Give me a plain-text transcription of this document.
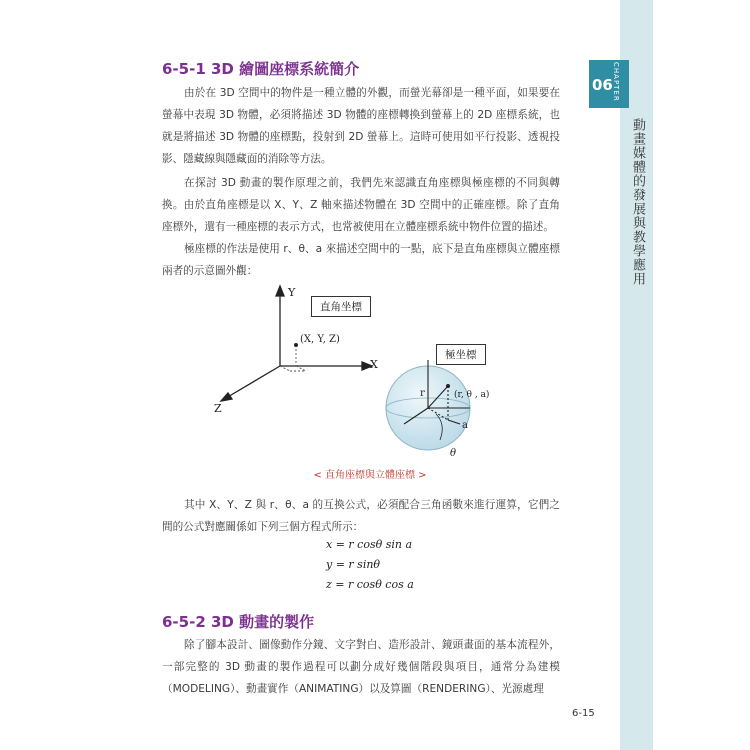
CHAPTER
06
動畫媒體的發展與教學應用
6-5-1 3D 繪圖座標系統簡介

由於在 3D 空間中的物件是一種立體的外觀，而螢光幕卻是一種平面，如果要在螢幕中表現 3D 物體，必須將描述 3D 物體的座標轉換到螢幕上的 2D 座標系統，也就是將描述 3D 物體的座標點，投射到 2D 螢幕上。這時可使用如平行投影、透視投影、隱藏線與隱藏面的消除等方法。

在探討 3D 動畫的製作原理之前，我們先來認識直角座標與極座標的不同與轉換。由於直角座標是以 X、Y、Z 軸來描述物體在 3D 空間中的正確座標。除了直角座標外，還有一種座標的表示方式，也常被使用在立體座標系統中物件位置的描述。

極座標的作法是使用 r、θ、a 來描述空間中的一點，底下是直角座標與立體座標兩者的示意圖外觀：

直角坐標
極坐標
Y
X
Z
(X, Y, Z)
(r, θ , a)
r
a
θ
< 直角座標與立體座標 >

其中 X、Y、Z 與 r、θ、a 的互換公式，必須配合三角函數來進行運算，它們之間的公式對應關係如下列三個方程式所示：

x = r cosθ sin a
y = r sinθ
z = r cosθ cos a
6-5-2 3D 動畫的製作

除了腳本設計、圖像動作分鏡、文字對白、造形設計、鏡頭畫面的基本流程外，一部完整的 3D 動畫的製作過程可以劃分成好幾個階段與項目，通常分為建模（MODELING）、動畫實作（ANIMATING）以及算圖（RENDERING）、光源處理

6-15
